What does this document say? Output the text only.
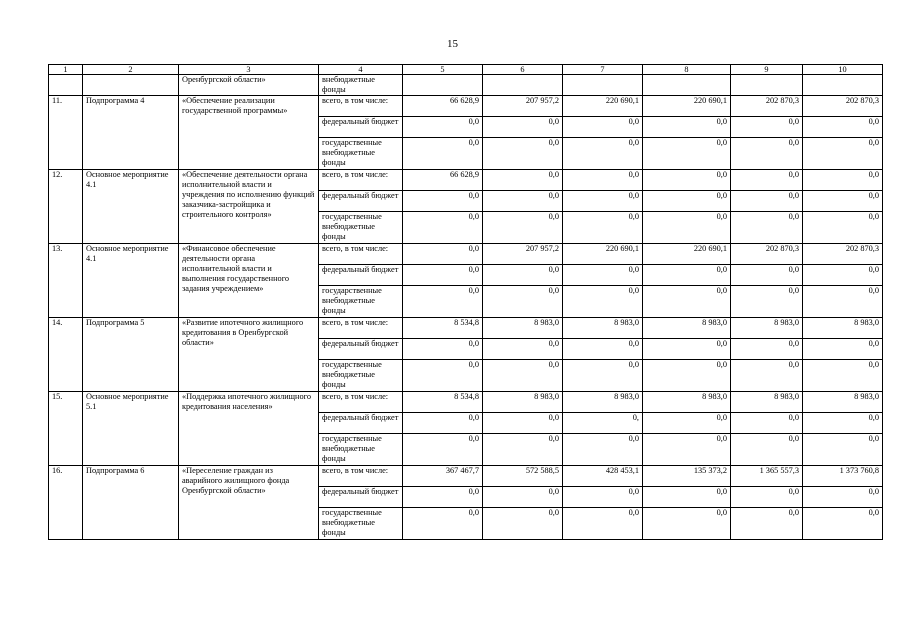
15
1	2	3	4	5	6	7	8	9	10
		Оренбургской области»	внебюджетные фонды						
11.	Подпрограмма 4	«Обеспечение реализации государственной программы»	всего, в том числе:	66 628,9	207 957,2	220 690,1	220 690,1	202 870,3	202 870,3
			федеральный бюджет	0,0	0,0	0,0	0,0	0,0	0,0
			государственные внебюджетные фонды	0,0	0,0	0,0	0,0	0,0	0,0
12.	Основное мероприятие 4.1	«Обеспечение деятельности органа исполнительной власти и учреждения по исполнению функций заказчика-застройщика и строительного контроля»	всего, в том числе:	66 628,9	0,0	0,0	0,0	0,0	0,0
			федеральный бюджет	0,0	0,0	0,0	0,0	0,0	0,0
			государственные внебюджетные фонды	0,0	0,0	0,0	0,0	0,0	0,0
13.	Основное мероприятие 4.1	«Финансовое обеспечение деятельности органа исполнительной власти и выполнения государственного задания учреждением»	всего, в том числе:	0,0	207 957,2	220 690,1	220 690,1	202 870,3	202 870,3
			федеральный бюджет	0,0	0,0	0,0	0,0	0,0	0,0
			государственные внебюджетные фонды	0,0	0,0	0,0	0,0	0,0	0,0
14.	Подпрограмма 5	«Развитие ипотечного жилищного кредитования в Оренбургской области»	всего, в том числе:	8 534,8	8 983,0	8 983,0	8 983,0	8 983,0	8 983,0
			федеральный бюджет	0,0	0,0	0,0	0,0	0,0	0,0
			государственные внебюджетные фонды	0,0	0,0	0,0	0,0	0,0	0,0
15.	Основное мероприятие 5.1	«Поддержка ипотечного жилищного кредитования населения»	всего, в том числе:	8 534,8	8 983,0	8 983,0	8 983,0	8 983,0	8 983,0
			федеральный бюджет	0,0	0,0	0,	0,0	0,0	0,0
			государственные внебюджетные фонды	0,0	0,0	0,0	0,0	0,0	0,0
16.	Подпрограмма 6	«Переселение граждан из аварийного жилищного фонда Оренбургской области»	всего, в том числе:	367 467,7	572 588,5	428 453,1	135 373,2	1 365 557,3	1 373 760,8
			федеральный бюджет	0,0	0,0	0,0	0,0	0,0	0,0
			государственные внебюджетные фонды	0,0	0,0	0,0	0,0	0,0	0,0
